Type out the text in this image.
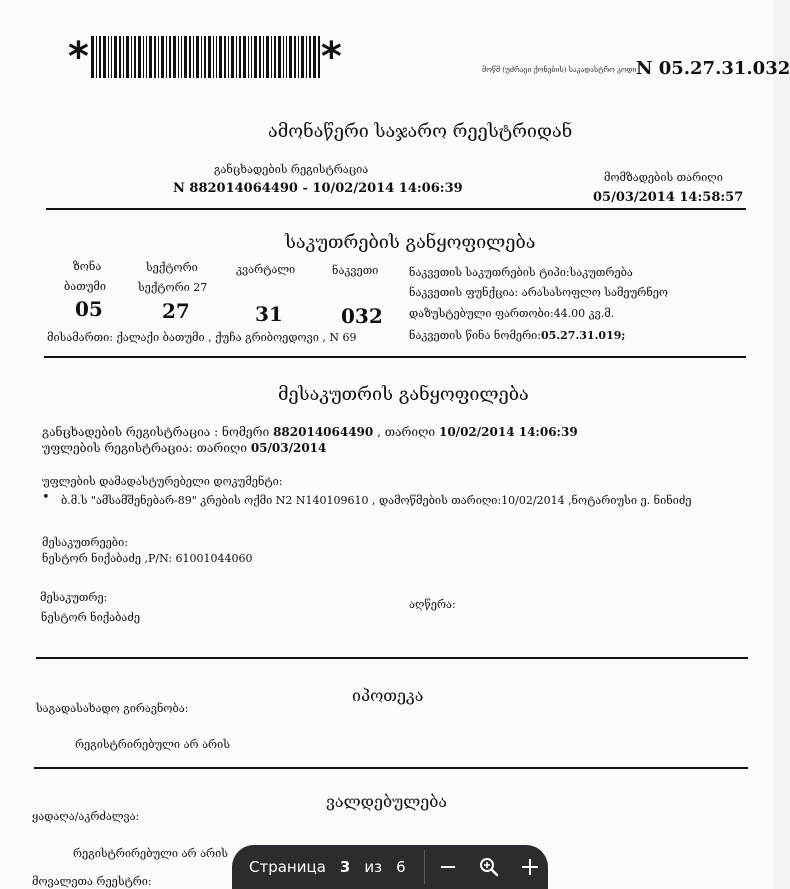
*	*	მოწმ (უძრავი ქონების) საკადასტრო კოდი N 05.27.31.032
ამონაწერი საჯარო რეესტრიდან
განცხადების რეგისტრაცია
N 882014064490 - 10/02/2014 14:06:39
მომზადების თარიღი
05/03/2014 14:58:57
საკუთრების განყოფილება
ზონა	სექტორი	კვარტალი	ნაკვეთი
ბათუმი	სექტორი 27
05	27	31	032
ნაკვეთის საკუთრების ტიპი:საკუთრება
ნაკვეთის ფუნქცია: არასასოფლო სამეურნეო
დაზუსტებული ფართობი:44.00 კვ.მ.
ნაკვეთის წინა ნომერი:05.27.31.019;
მისამართი: ქალაქი ბათუმი , ქუჩა გრიბოედოვი , N 69
მესაკუთრის განყოფილება
განცხადების რეგისტრაცია : ნომერი 882014064490 , თარიღი 10/02/2014 14:06:39
უფლების რეგისტრაცია: თარიღი 05/03/2014
უფლების დამადასტურებელი დოკუმენტი:
• ბ.მ.ს "ამსამშენებარ-89" კრების ოქმი N2 N140109610 , დამოწმების თარიღი:10/02/2014 ,ნოტარიუსი ე. ნინიძე
მესაკუთრეები:
ნესტორ ნიქაბაძე ,P/N: 61001044060
მესაკუთრე:
ნესტორ ნიქაბაძე
აღწერა:
იპოთეკა
საგადასახადო გირავნობა:
რეგისტრირებული არ არის
ვალდებულება
ყადაღა/აკრძალვა:
რეგისტრირებული არ არის
მოვალეთა რეესტრი:
Страница 3 из 6
